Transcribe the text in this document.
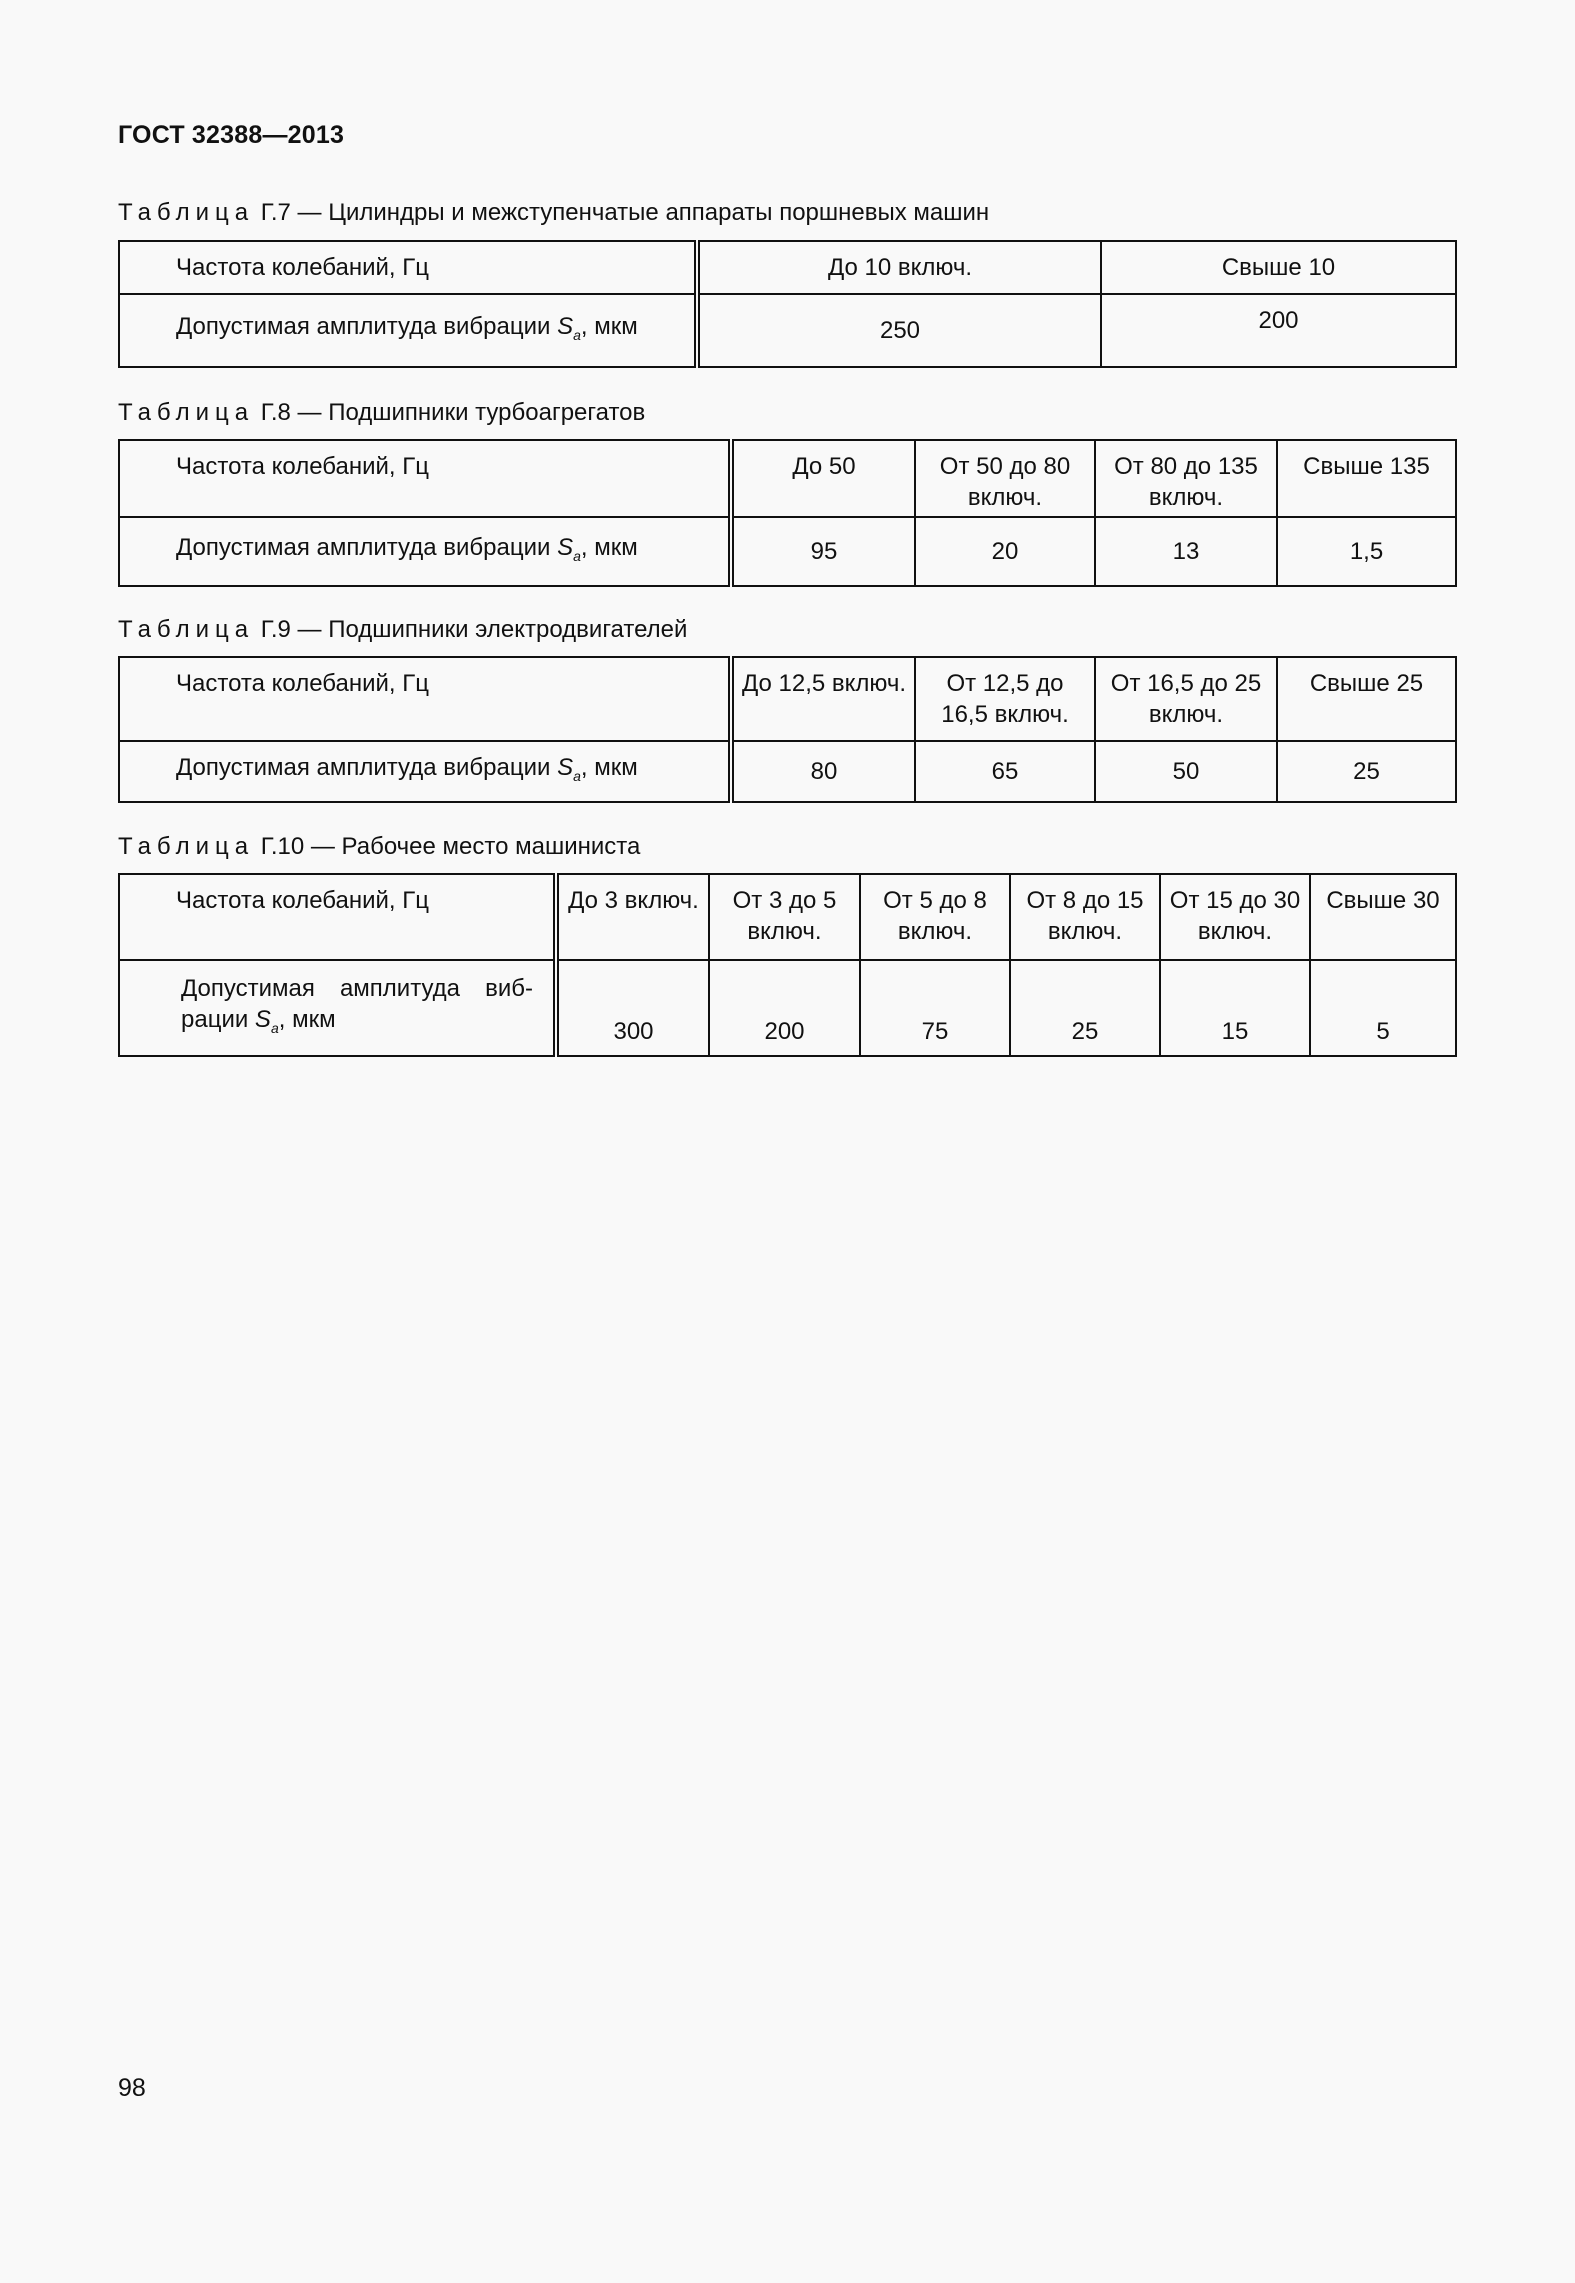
ГОСТ 32388—2013
Таблица Г.7 — Цилиндры и межступенчатые аппараты поршневых машин
Частота колебаний, Гц	До 10 включ.	Свыше 10
Допустимая амплитуда вибрации $S_а$, мкм	250	200
Таблица Г.8 — Подшипники турбоагрегатов
Частота колебаний, Гц	До 50	От 50 до 80 включ.	От 80 до 135 включ.	Свыше 135
Допустимая амплитуда вибрации $S_а$, мкм	95	20	13	1,5
Таблица Г.9 — Подшипники электродвигателей
Частота колебаний, Гц	До 12,5 включ.	От 12,5 до 16,5 включ.	От 16,5 до 25 включ.	Свыше 25
Допустимая амплитуда вибрации $S_а$, мкм	80	65	50	25
Таблица Г.10 — Рабочее место машиниста
Частота колебаний, Гц	До 3 включ.	От 3 до 5 включ.	От 5 до 8 включ.	От 8 до 15 включ.	От 15 до 30 включ.	Свыше 30

Допустимая амплитуда виб-рации $S_а$, мкм	300	200	75	25	15	5
98
